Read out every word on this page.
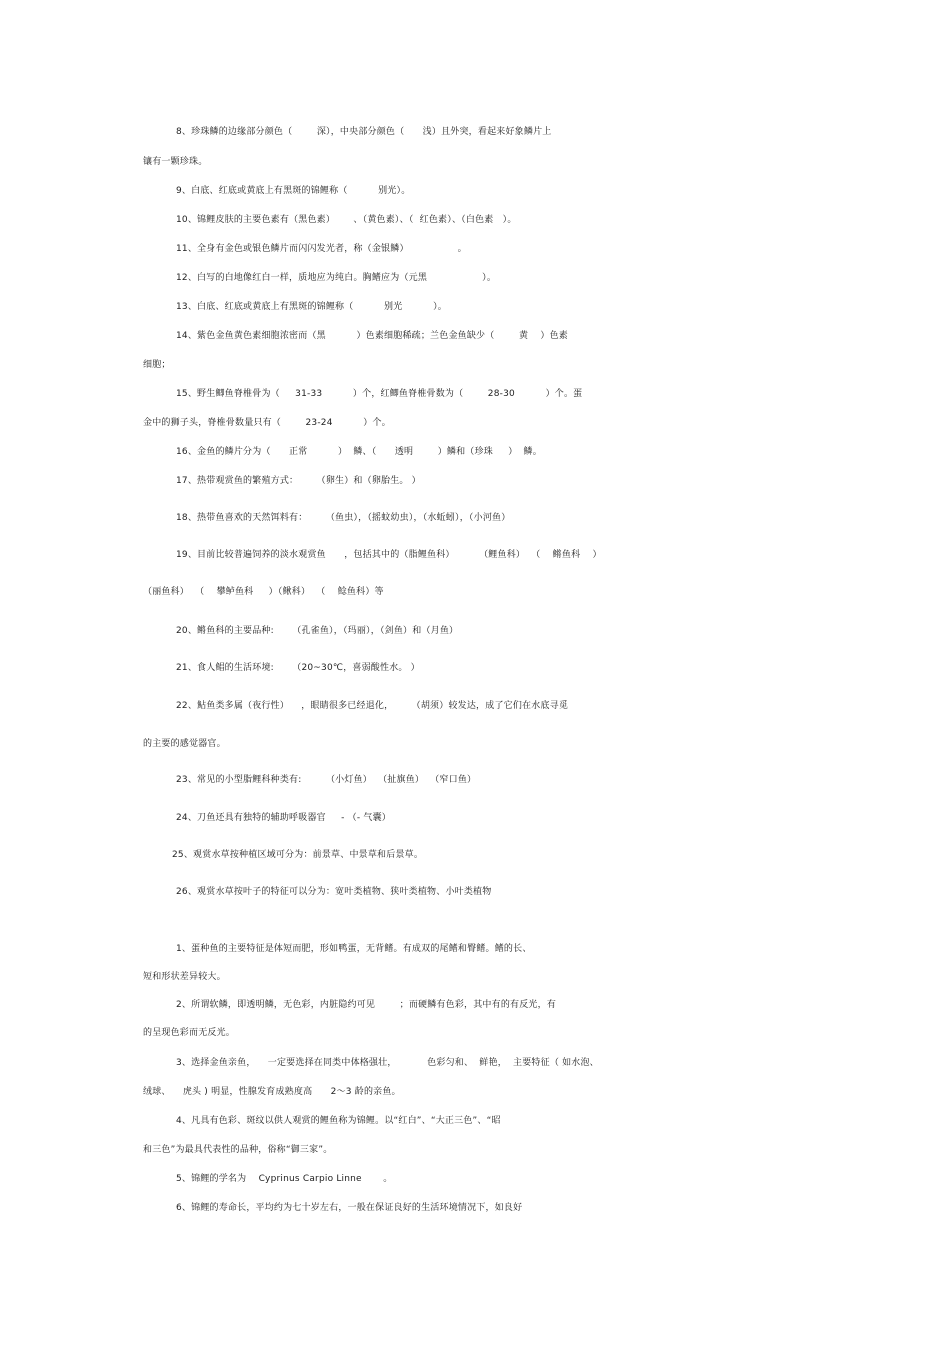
8、珍珠鳞的边缘部分颜色（        深），中央部分颜色（      浅）且外突，看起来好象鳞片上
镶有一颗珍珠。
9、白底、红底或黄底上有黑斑的锦鲤称（          别光）。
10、锦鲤皮肤的主要色素有（黑色素）      、（黄色素）、（  红色素）、（白色素   ）。
11、全身有金色或银色鳞片而闪闪发光者，称（金银鳞）                。
12、白写的白地像红白一样，质地应为纯白。胸鳍应为（元黑                  ）。
13、白底、红底或黄底上有黑斑的锦鲤称（          别光          ）。
14、紫色金鱼黄色素细胞浓密而（黑          ）色素细胞稀疏；兰色金鱼缺少（        黄    ）色素
细胞；
15、野生鲫鱼脊椎骨为（     31-33          ）个，红鲫鱼脊椎骨数为（        28-30          ）个。蛋
金中的狮子头，脊椎骨数量只有（        23-24          ）个。
16、金鱼的鳞片分为（      正常          ）  鳞、（      透明        ）鳞和（珍珠     ）  鳞。
17、热带观赏鱼的繁殖方式：      （卵生）和（卵胎生。 ）
18、热带鱼喜欢的天然饵料有：      （鱼虫），（摇蚊幼虫），（水蚯蚓），（小河鱼）
19、目前比较普遍饲养的淡水观赏鱼      ，包括其中的（脂鲤鱼科）        （鲤鱼科）  （    鳉鱼科    ）
（丽鱼科）  （    攀鲈鱼科     ）（鳅科）  （    鲶鱼科）等
20、鳉鱼科的主要品种:      （孔雀鱼），（玛丽），（剑鱼）和（月鱼）
21、食人鲳的生活环境:      （20~30℃，喜弱酸性水。 ）
22、鲇鱼类多属（夜行性）    ，眼睛很多已经退化，      （胡须）较发达，成了它们在水底寻觅
的主要的感觉器官。
23、常见的小型脂鲤科种类有:        （小灯鱼）  （扯旗鱼）  （窄口鱼）
24、刀鱼还具有独特的辅助呼吸器官     - （- 气囊）
25、观赏水草按种植区域可分为：前景草、中景草和后景草。
26、观赏水草按叶子的特征可以分为：宽叶类植物、狭叶类植物、小叶类植物
1、蛋种鱼的主要特征是体短而肥，形如鸭蛋，无背鳍。有成双的尾鳍和臀鳍。鳍的长、
短和形状差异较大。
2、所谓软鳞，即透明鳞，无色彩，内脏隐约可见        ；而硬鳞有色彩，其中有的有反光，有
的呈现色彩而无反光。
3、选择金鱼亲鱼，    一定要选择在同类中体格强壮，          色彩匀和、  鲜艳，  主要特征（ 如水泡、
绒球、    虎头 ) 明显，性腺发育成熟度高      2～3 龄的亲鱼。
4、凡具有色彩、斑纹以供人观赏的鲤鱼称为锦鲤。以“红白”、“大正三色”、“昭
和三色”为最具代表性的品种，俗称“御三家”。
5、锦鲤的学名为    Cyprinus Carpio Linne       。
6、锦鲤的寿命长，平均约为七十岁左右，一般在保证良好的生活环境情况下，如良好
